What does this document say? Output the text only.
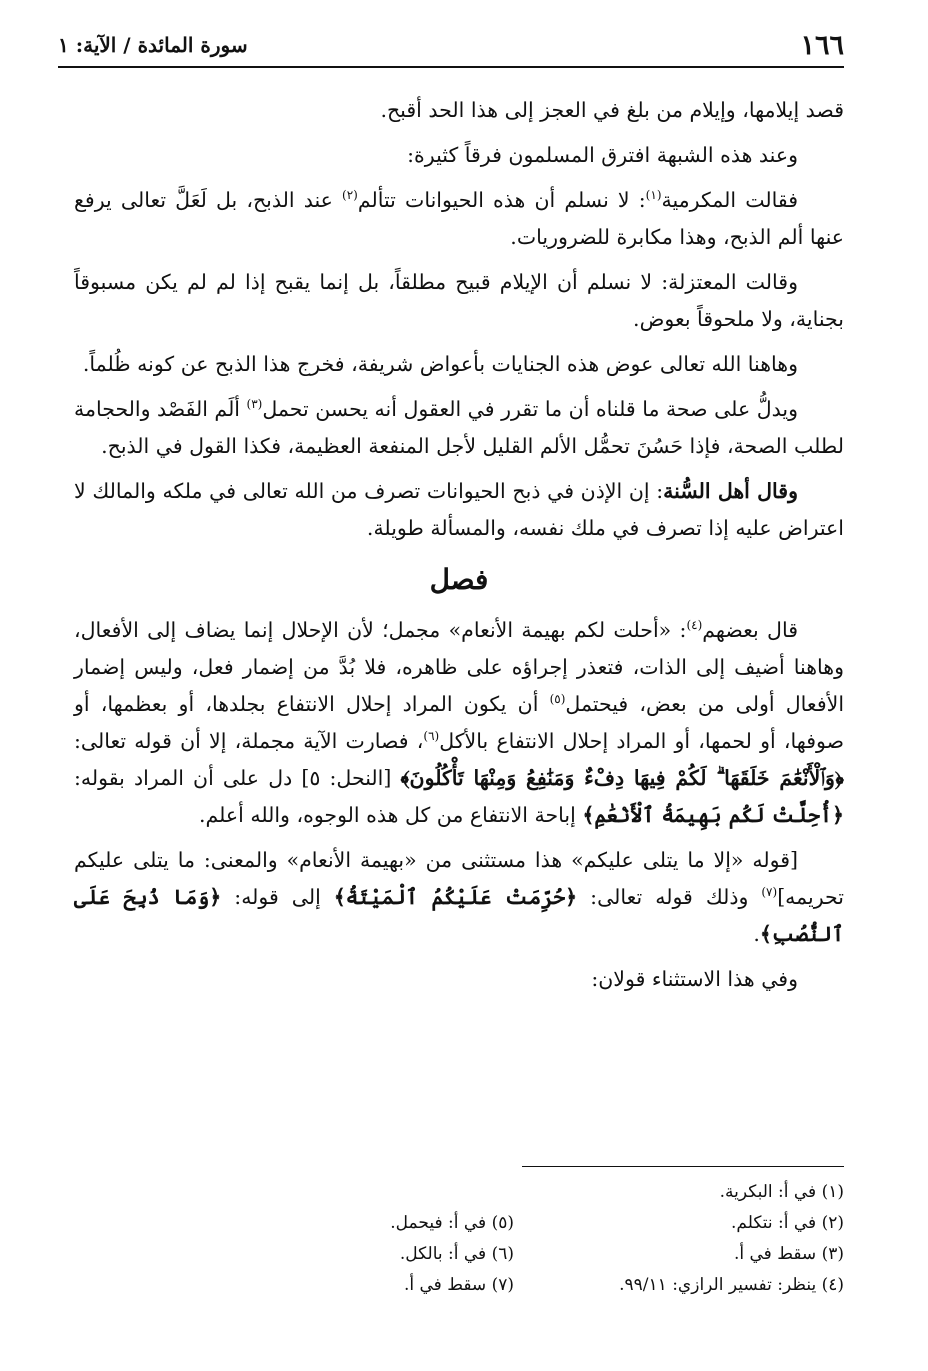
١٦٦
سورة المائدة / الآية: ١

قصد إيلامها، وإيلام من بلغ في العجز إلى هذا الحد أقبح.

وعند هذه الشبهة افترق المسلمون فرقاً كثيرة:

فقالت المكرمية$^{(١)}$: لا نسلم أن هذه الحيوانات تتألم$^{(٢)}$ عند الذبح، بل لَعَلَّ تعالى يرفع عنها ألم الذبح، وهذا مكابرة للضروريات.

وقالت المعتزلة: لا نسلم أن الإيلام قبيح مطلقاً، بل إنما يقبح إذا لم لم يكن مسبوقاً بجناية، ولا ملحوقاً بعوض.

وهاهنا الله تعالى عوض هذه الجنايات بأعواض شريفة، فخرج هذا الذبح عن كونه ظُلماً.

ويدلُّ على صحة ما قلناه أن ما تقرر في العقول أنه يحسن تحمل$^{(٣)}$ ألَم الفَصْد والحجامة لطلب الصحة، فإذا حَسُنَ تحمُّل الألم القليل لأجل المنفعة العظيمة، فكذا القول في الذبح.

وقال أهل السُّنة: إن الإذن في ذبح الحيوانات تصرف من الله تعالى في ملكه والمالك لا اعتراض عليه إذا تصرف في ملك نفسه، والمسألة طويلة.

فصل

قال بعضهم$^{(٤)}$: «أحلت لكم بهيمة الأنعام» مجمل؛ لأن الإحلال إنما يضاف إلى الأفعال، وهاهنا أضيف إلى الذات، فتعذر إجراؤه على ظاهره، فلا بُدَّ من إضمار فعل، وليس إضمار الأفعال أولى من بعض، فيحتمل$^{(٥)}$ أن يكون المراد إحلال الانتفاع بجلدها، أو بعظمها، أو صوفها، أو لحمها، أو المراد إحلال الانتفاع بالأكل$^{(٦)}$، فصارت الآية مجملة، إلا أن قوله تعالى: ﴿وَٱلْأَنْعَٰمَ خَلَقَهَا ۗ لَكُمْ فِيهَا دِفْءٌ وَمَنَٰفِعُ وَمِنْهَا تَأْكُلُونَ﴾ [النحل: ٥] دل على أن المراد بقوله: ﴿أُحِلَّتْ لَكُم بَهِيمَةُ ٱلْأَنْعَٰمِ﴾ إباحة الانتفاع من كل هذه الوجوه، والله أعلم.

[قوله «إلا ما يتلى عليكم» هذا مستثنى من «بهيمة الأنعام» والمعنى: ما يتلى عليكم تحريمه]$^{(٧)}$ وذلك قوله تعالى: ﴿حُرِّمَتْ عَلَيْكُمُ ٱلْمَيْتَةُ﴾ إلى قوله: ﴿وَمَا ذُبِحَ عَلَى ٱلنُّصُبِ﴾.

وفي هذا الاستثناء قولان:

(١) في أ: البكرية.
(٢) في أ: نتكلم.
(٣) سقط في أ.
(٤) ينظر: تفسير الرازي: ٩٩/١١.
(٥) في أ: فيحمل.
(٦) في أ: بالكل.
(٧) سقط في أ.
